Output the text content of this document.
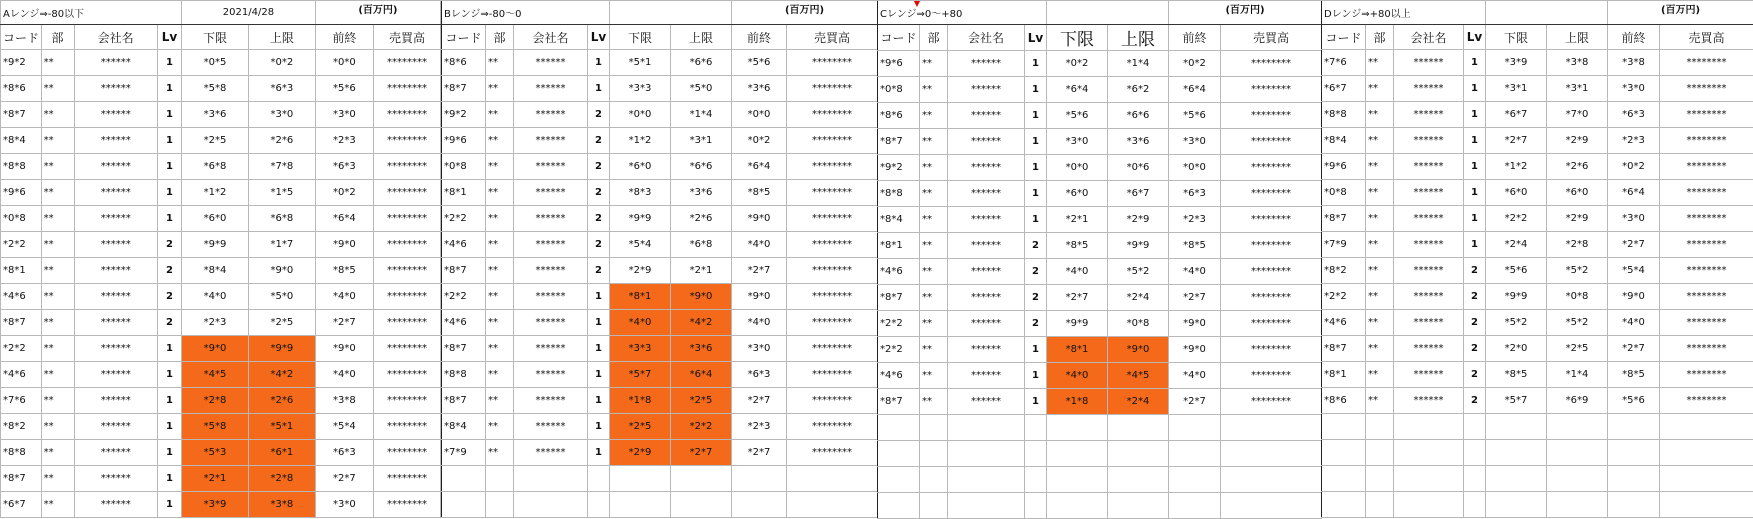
Aレンジ⇒-80以下				2021/4/28		(百万円)	
コード	部	会社名	Lv	下限	上限	前終	売買高
*9*2	**	******	1	*0*5	*0*2	*0*0	********
*8*6	**	******	1	*5*8	*6*3	*5*6	********
*8*7	**	******	1	*3*6	*3*0	*3*0	********
*8*4	**	******	1	*2*5	*2*6	*2*3	********
*8*8	**	******	1	*6*8	*7*8	*6*3	********
*9*6	**	******	1	*1*2	*1*5	*0*2	********
*0*8	**	******	1	*6*0	*6*8	*6*4	********
*2*2	**	******	2	*9*9	*1*7	*9*0	********
*8*1	**	******	2	*8*4	*9*0	*8*5	********
*4*6	**	******	2	*4*0	*5*0	*4*0	********
*8*7	**	******	2	*2*3	*2*5	*2*7	********
*2*2	**	******	1	*9*0	*9*9	*9*0	********
*4*6	**	******	1	*4*5	*4*2	*4*0	********
*7*6	**	******	1	*2*8	*2*6	*3*8	********
*8*2	**	******	1	*5*8	*5*1	*5*4	********
*8*8	**	******	1	*5*3	*6*1	*6*3	********
*8*7	**	******	1	*2*1	*2*8	*2*7	********
*6*7	**	******	1	*3*9	*3*8	*3*0	********
Bレンジ⇒-80～0						(百万円)	
コード	部	会社名	Lv	下限	上限	前終	売買高
*8*6	**	******	1	*5*1	*6*6	*5*6	********
*8*7	**	******	1	*3*3	*5*0	*3*6	********
*9*2	**	******	2	*0*0	*1*4	*0*0	********
*9*6	**	******	2	*1*2	*3*1	*0*2	********
*0*8	**	******	2	*6*0	*6*6	*6*4	********
*8*1	**	******	2	*8*3	*3*6	*8*5	********
*2*2	**	******	2	*9*9	*2*6	*9*0	********
*4*6	**	******	2	*5*4	*6*8	*4*0	********
*8*7	**	******	2	*2*9	*2*1	*2*7	********
*2*2	**	******	1	*8*1	*9*0	*9*0	********
*4*6	**	******	1	*4*0	*4*2	*4*0	********
*8*7	**	******	1	*3*3	*3*6	*3*0	********
*8*8	**	******	1	*5*7	*6*4	*6*3	********
*8*7	**	******	1	*1*8	*2*5	*2*7	********
*8*4	**	******	1	*2*5	*2*2	*2*3	********
*7*9	**	******	1	*2*9	*2*7	*2*7	********

Cレンジ⇒0～+80						(百万円)	
コード	部	会社名	Lv	下限	上限	前終	売買高
*9*6	**	******	1	*0*2	*1*4	*0*2	********
*0*8	**	******	1	*6*4	*6*2	*6*4	********
*8*6	**	******	1	*5*6	*6*6	*5*6	********
*8*7	**	******	1	*3*0	*3*6	*3*0	********
*9*2	**	******	1	*0*0	*0*6	*0*0	********
*8*8	**	******	1	*6*0	*6*7	*6*3	********
*8*4	**	******	1	*2*1	*2*9	*2*3	********
*8*1	**	******	2	*8*5	*9*9	*8*5	********
*4*6	**	******	2	*4*0	*5*2	*4*0	********
*8*7	**	******	2	*2*7	*2*4	*2*7	********
*2*2	**	******	2	*9*9	*0*8	*9*0	********
*2*2	**	******	1	*8*1	*9*0	*9*0	********
*4*6	**	******	1	*4*0	*4*5	*4*0	********
*8*7	**	******	1	*1*8	*2*4	*2*7	********

Dレンジ⇒+80以上						(百万円)	
コード	部	会社名	Lv	下限	上限	前終	売買高
*7*6	**	******	1	*3*9	*3*8	*3*8	********
*6*7	**	******	1	*3*1	*3*1	*3*0	********
*8*8	**	******	1	*6*7	*7*0	*6*3	********
*8*4	**	******	1	*2*7	*2*9	*2*3	********
*9*6	**	******	1	*1*2	*2*6	*0*2	********
*0*8	**	******	1	*6*0	*6*0	*6*4	********
*8*7	**	******	1	*2*2	*2*9	*3*0	********
*7*9	**	******	1	*2*4	*2*8	*2*7	********
*8*2	**	******	2	*5*6	*5*2	*5*4	********
*2*2	**	******	2	*9*9	*0*8	*9*0	********
*4*6	**	******	2	*5*2	*5*2	*4*0	********
*8*7	**	******	2	*2*0	*2*5	*2*7	********
*8*1	**	******	2	*8*5	*1*4	*8*5	********
*8*6	**	******	2	*5*7	*6*9	*5*6	********
